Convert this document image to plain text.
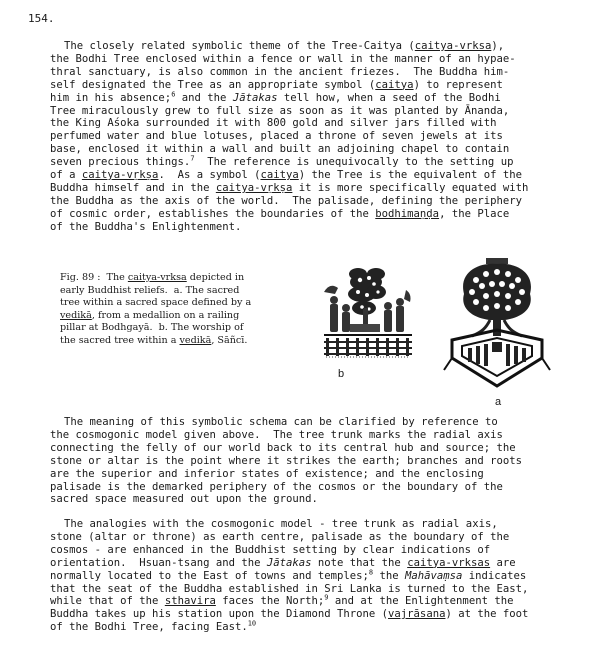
154.
The closely related symbolic theme of the Tree-Caitya (caitya-vrksa),
the Bodhi Tree enclosed within a fence or wall in the manner of an hypae-
thral sanctuary, is also common in the ancient friezes.  The Buddha him-
self designated the Tree as an appropriate symbol (caitya) to represent
him in his absence;$^6$ and the Jātakas tell how, when a seed of the Bodhi
Tree miraculously grew to full size as soon as it was planted by Ānanda,
the King Aśoka surrounded it with 800 gold and silver jars filled with
perfumed water and blue lotuses, placed a throne of seven jewels at its
base, enclosed it within a wall and built an adjoining chapel to contain
seven precious things.$^7$  The reference is unequivocally to the setting up
of a caitya-vṛkṣa.  As a symbol (caitya) the Tree is the equivalent of the
Buddha himself and in the caitya-vṛkṣa it is more specifically equated with
the Buddha as the axis of the world.  The palisade, defining the periphery
of cosmic order, establishes the boundaries of the bodhimaṇḍa, the Place
of the Buddha's Enlightenment.
Fig. 89 :  The caitya-vrksa depicted in
early Buddhist reliefs.  a. The sacred
tree within a sacred space defined by a
vedikā, from a medallion on a railing
pillar at Bodhgayā.  b. The worship of
the sacred tree within a vedikā, Sāñcī.
b
a
The meaning of this symbolic schema can be clarified by reference to
the cosmogonic model given above.  The tree trunk marks the radial axis
connecting the felly of our world back to its central hub and source; the
stone or altar is the point where it strikes the earth; branches and roots
are the superior and inferior states of existence; and the enclosing
palisade is the demarked periphery of the cosmos or the boundary of the
sacred space measured out upon the ground.
The analogies with the cosmogonic model - tree trunk as radial axis,
stone (altar or throne) as earth centre, palisade as the boundary of the
cosmos - are enhanced in the Buddhist setting by clear indications of
orientation.  Hsuan-tsang and the Jātakas note that the caitya-vrksas are
normally located to the East of towns and temples;$^8$ the Mahāvaṃsa indicates
that the seat of the Buddha established in Sri Lanka is turned to the East,
while that of the sthavira faces the North;$^9$ and at the Enlightenment the
Buddha takes up his station upon the Diamond Throne (vajrāsana) at the foot
of the Bodhi Tree, facing East.$^{10}$
